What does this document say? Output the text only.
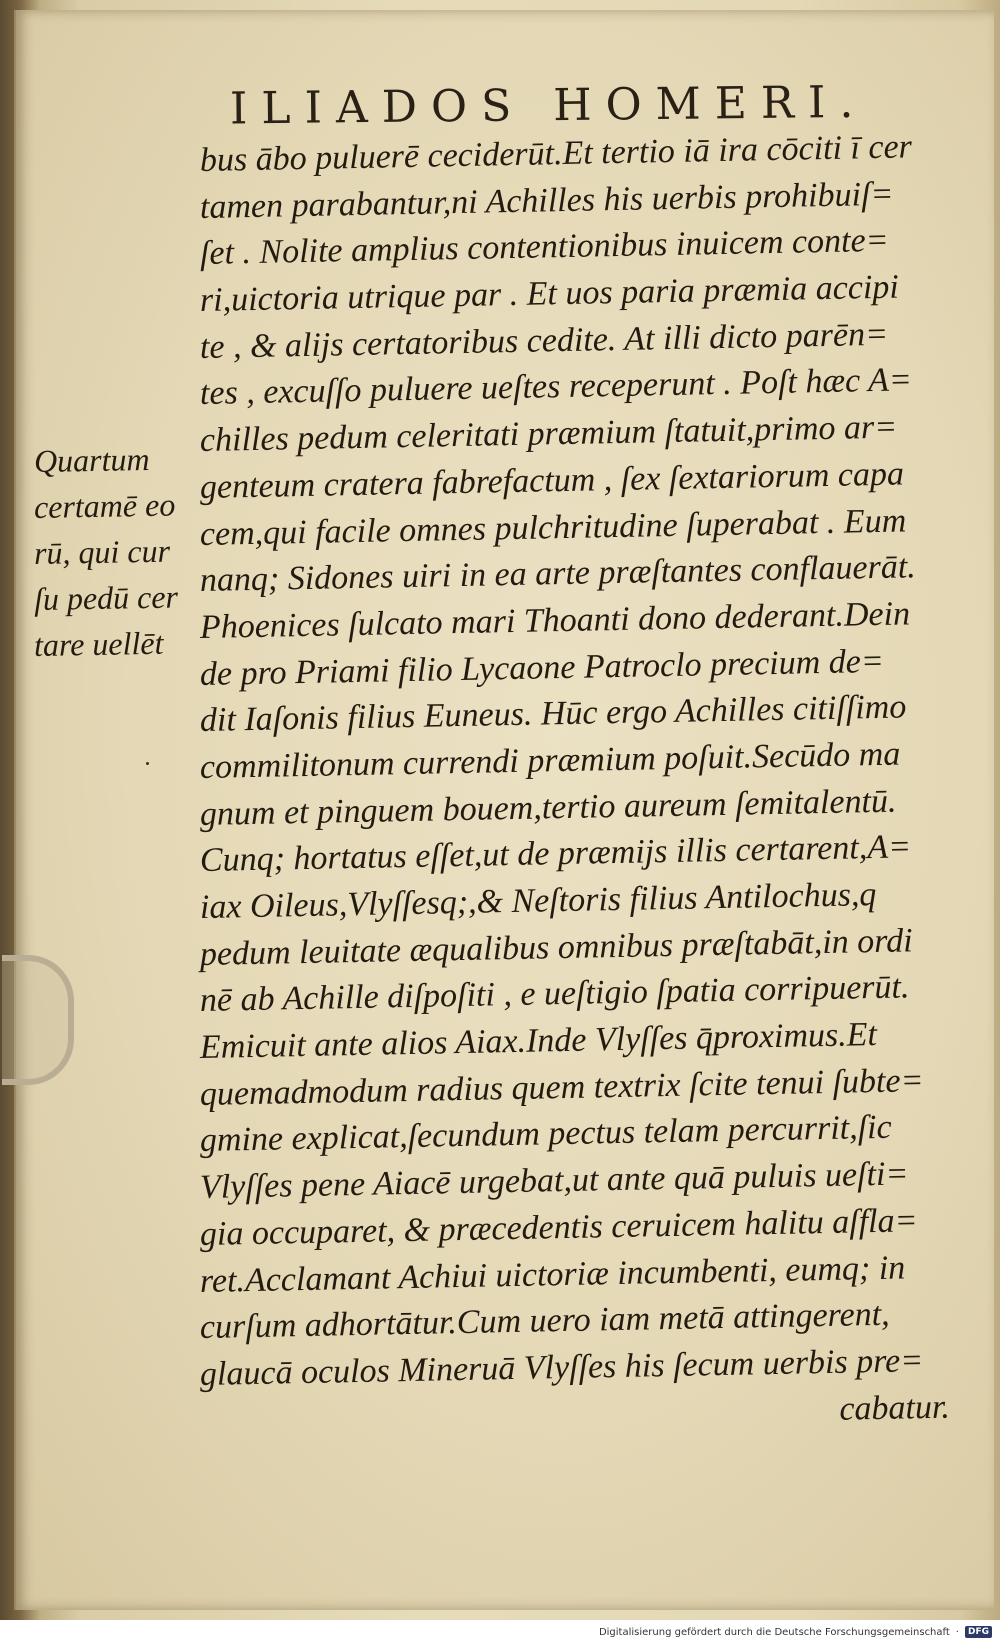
ILIADOS HOMERI.
Quartum
certamē eo
rū, qui cur
ſu pedū cer
tare uellēt
bus ābo puluerē ceciderūt.Et tertio iā ira cōciti ī cer
tamen parabantur,ni Achilles his uerbis prohibuiſ=
ſet . Nolite amplius contentionibus inuicem conte=
ri,uictoria utrique par . Et uos paria præmia accipi
te , & alijs certatoribus cedite. At illi dicto parēn=
tes , excuſſo puluere ueſtes receperunt . Poſt hæc A=
chilles pedum celeritati præmium ſtatuit,primo ar=
genteum cratera fabrefactum , ſex ſextariorum capa
cem,qui facile omnes pulchritudine ſuperabat . Eum
nanq; Sidones uiri in ea arte præſtantes conflauerāt.
Phoenices ſulcato mari Thoanti dono dederant.Dein
de pro Priami filio Lycaone Patroclo precium de=
dit Iaſonis filius Euneus. Hūc ergo Achilles citiſſimo
commilitonum currendi præmium poſuit.Secūdo ma
gnum et pinguem bouem,tertio aureum ſemitalentū.
Cunq; hortatus eſſet,ut de præmijs illis certarent,A=
iax Oileus,Vlyſſesq;,& Neſtoris filius Antilochus,q
pedum leuitate æqualibus omnibus præſtabāt,in ordi
nē ab Achille diſpoſiti , e ueſtigio ſpatia corripuerūt.
Emicuit ante alios Aiax.Inde Vlyſſes q̄proximus.Et
quemadmodum radius quem textrix ſcite tenui ſubte=
gmine explicat,ſecundum pectus telam percurrit,ſic
Vlyſſes pene Aiacē urgebat,ut ante quā puluis ueſti=
gia occuparet, & præcedentis ceruicem halitu aſfla=
ret.Acclamant Achiui uictoriæ incumbenti, eumq; in
curſum adhortātur.Cum uero iam metā attingerent,
glaucā oculos Mineruā Vlyſſes his ſecum uerbis pre=
cabatur.
Digitalisierung gefördert durch die Deutsche Forschungsgemeinschaft ·	DFG
